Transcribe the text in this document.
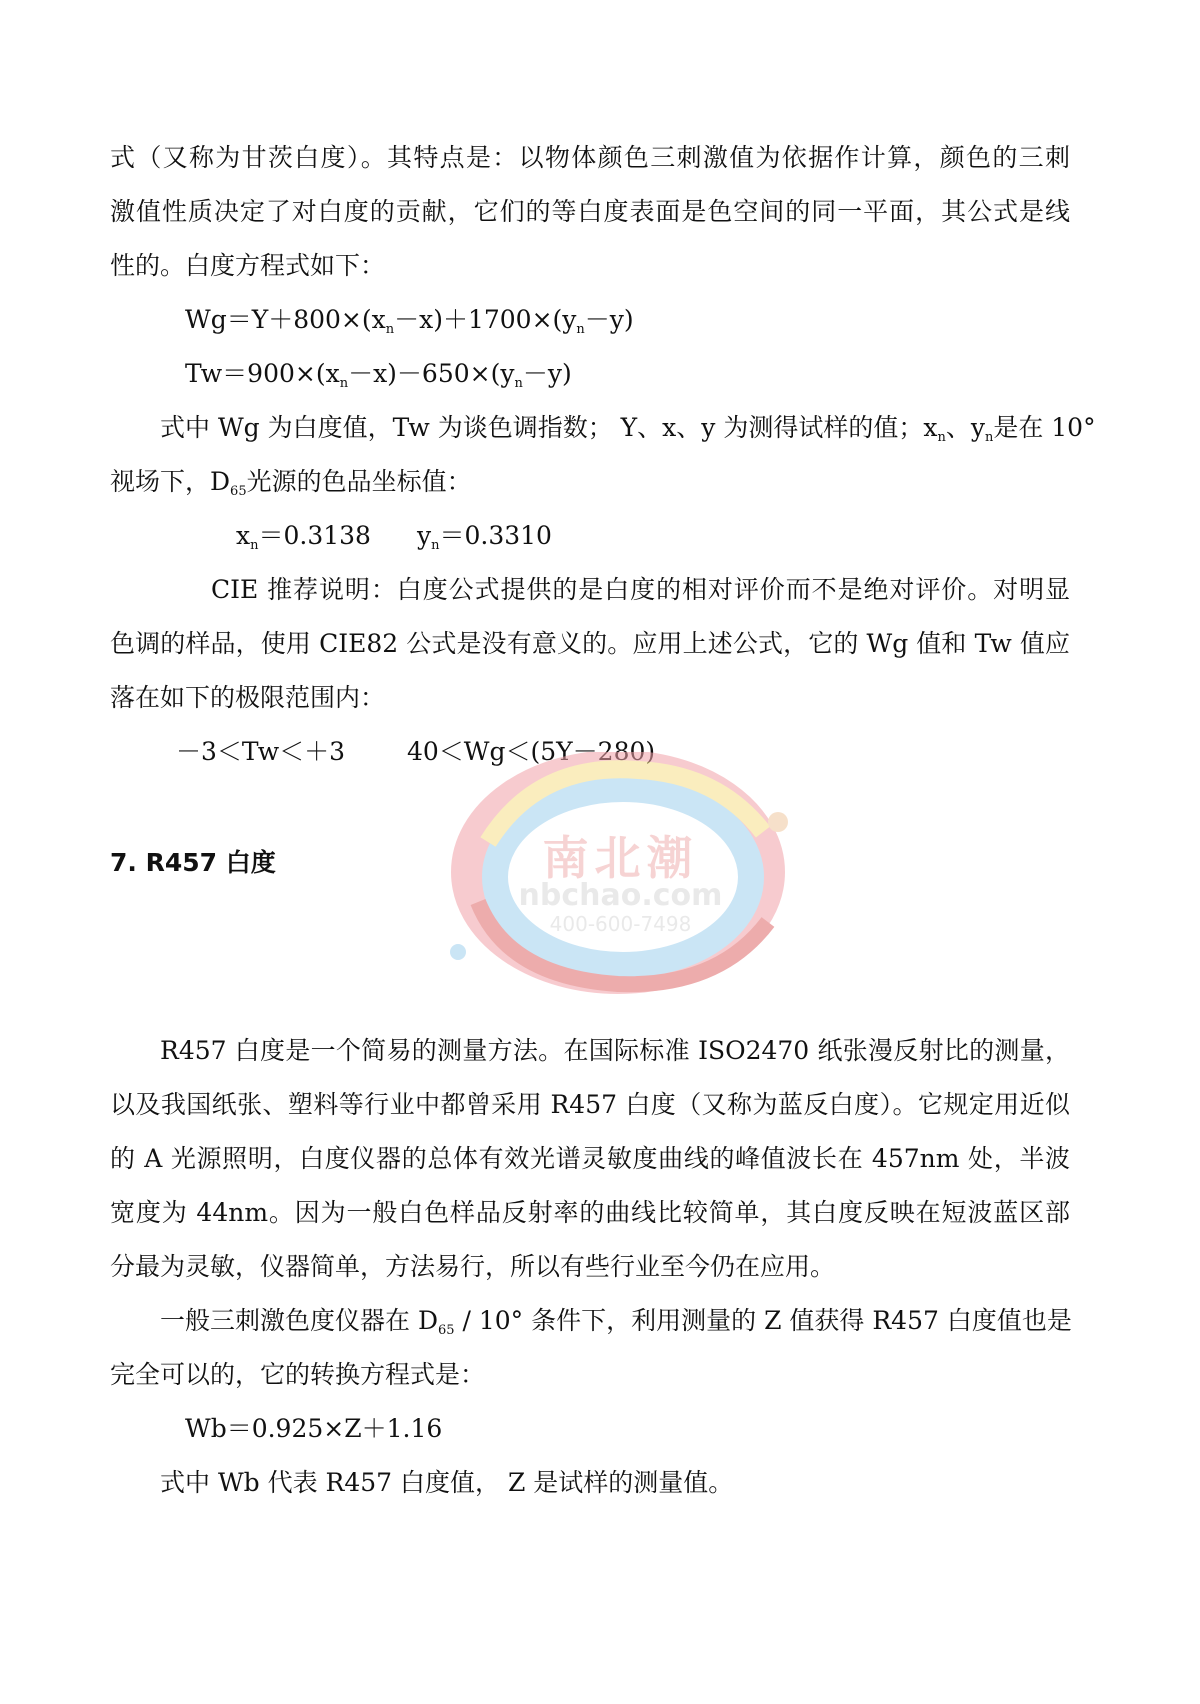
式（又称为甘茨白度）。其特点是：以物体颜色三刺激值为依据作计算，颜色的三刺
激值性质决定了对白度的贡献，它们的等白度表面是色空间的同一平面，其公式是线
性的。白度方程式如下：
$Wg=Y+800\times(x_n-x)+1700\times(y_n-y)$
$Tw=900\times(x_n-x)-650\times(y_n-y)$
式中 Wg 为白度值，Tw 为谈色调指数； Y、x、y 为测得试样的值；$x_n$、$y_n$是在 10°
视场下，$D_{65}$光源的色品坐标值：
$x_n=0.3138$ $y_n=0.3310$
CIE 推荐说明：白度公式提供的是白度的相对评价而不是绝对评价。对明显
色调的样品，使用 CIE82 公式是没有意义的。应用上述公式，它的 Wg 值和 Tw 值应
落在如下的极限范围内：
－3＜Tw＜＋3 40＜Wg＜(5Y－280)
南北潮
nbchao.com
400-600-7498
7. R457 白度
R457 白度是一个简易的测量方法。在国际标准 ISO2470 纸张漫反射比的测量，
以及我国纸张、塑料等行业中都曾采用 R457 白度（又称为蓝反白度）。它规定用近似
的 A 光源照明，白度仪器的总体有效光谱灵敏度曲线的峰值波长在 457nm 处，半波
宽度为 44nm。因为一般白色样品反射率的曲线比较简单，其白度反映在短波蓝区部
分最为灵敏，仪器简单，方法易行，所以有些行业至今仍在应用。
一般三刺激色度仪器在 $D_{65} / 10^\circ$ 条件下，利用测量的 Z 值获得 R457 白度值也是
完全可以的，它的转换方程式是：
Wb＝0.925×Z＋1.16
式中 Wb 代表 R457 白度值， Z 是试样的测量值。
